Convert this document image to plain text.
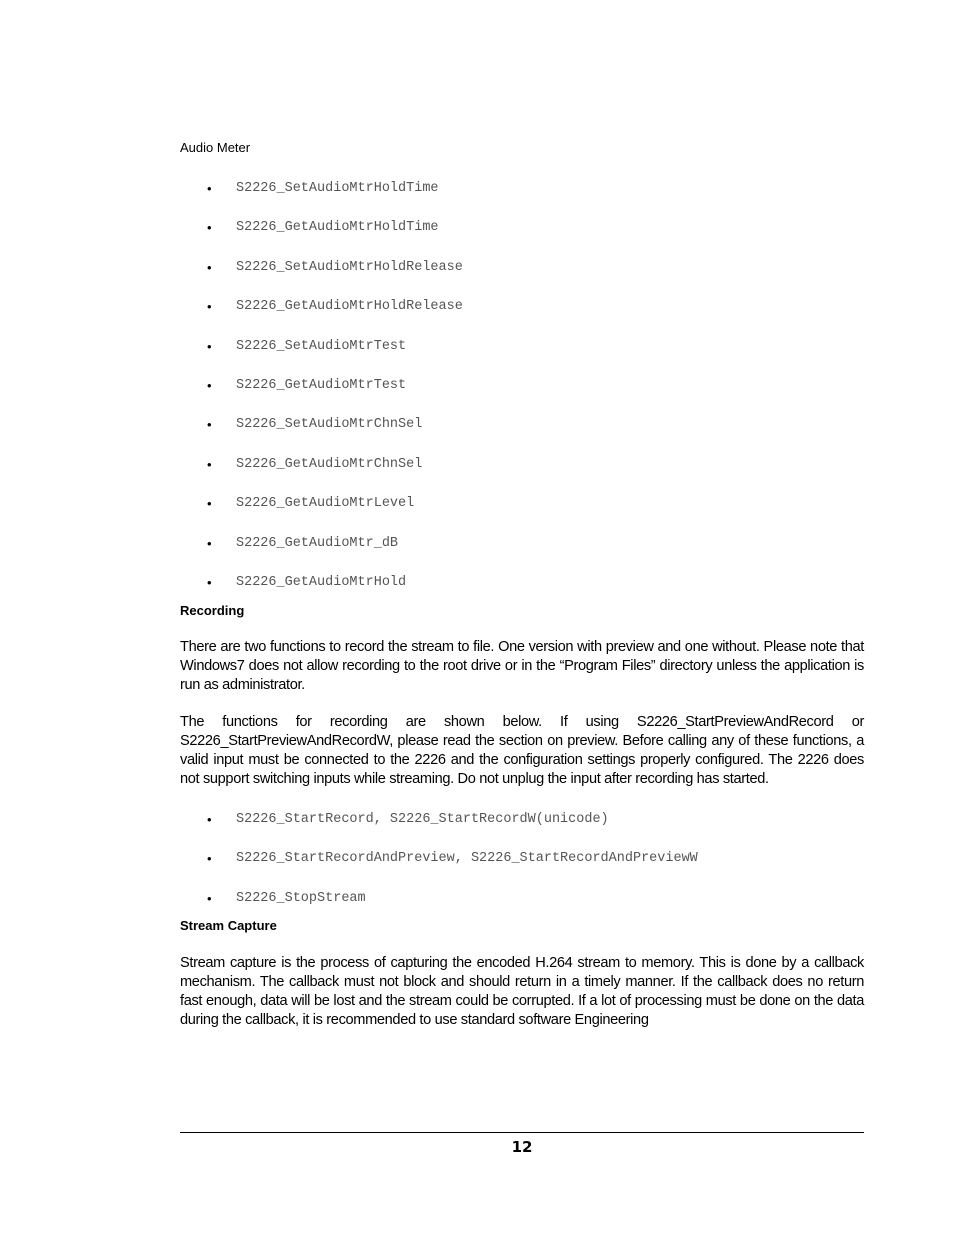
Audio Meter
• S2226_SetAudioMtrHoldTime
• S2226_GetAudioMtrHoldTime
• S2226_SetAudioMtrHoldRelease
• S2226_GetAudioMtrHoldRelease
• S2226_SetAudioMtrTest
• S2226_GetAudioMtrTest
• S2226_SetAudioMtrChnSel
• S2226_GetAudioMtrChnSel
• S2226_GetAudioMtrLevel
• S2226_GetAudioMtr_dB
• S2226_GetAudioMtrHold
Recording

There are two functions to record the stream to file. One version with preview and one without. Please note that Windows7 does not allow recording to the root drive or in the “Program Files” directory unless the application is run as administrator.

The functions for recording are shown below. If using S2226_StartPreviewAndRecord or S2226_StartPreviewAndRecordW, please read the section on preview. Before calling any of these functions, a valid input must be connected to the 2226 and the configuration settings properly configured. The 2226 does not support switching inputs while streaming. Do not unplug the input after recording has started.

• S2226_StartRecord, S2226_StartRecordW(unicode)
• S2226_StartRecordAndPreview, S2226_StartRecordAndPreviewW
• S2226_StopStream
Stream Capture

Stream capture is the process of capturing the encoded H.264 stream to memory. This is done by a callback mechanism. The callback must not block and should return in a timely manner. If the callback does no return fast enough, data will be lost and the stream could be corrupted. If a lot of processing must be done on the data during the callback, it is recommended to use standard software Engineering

12
